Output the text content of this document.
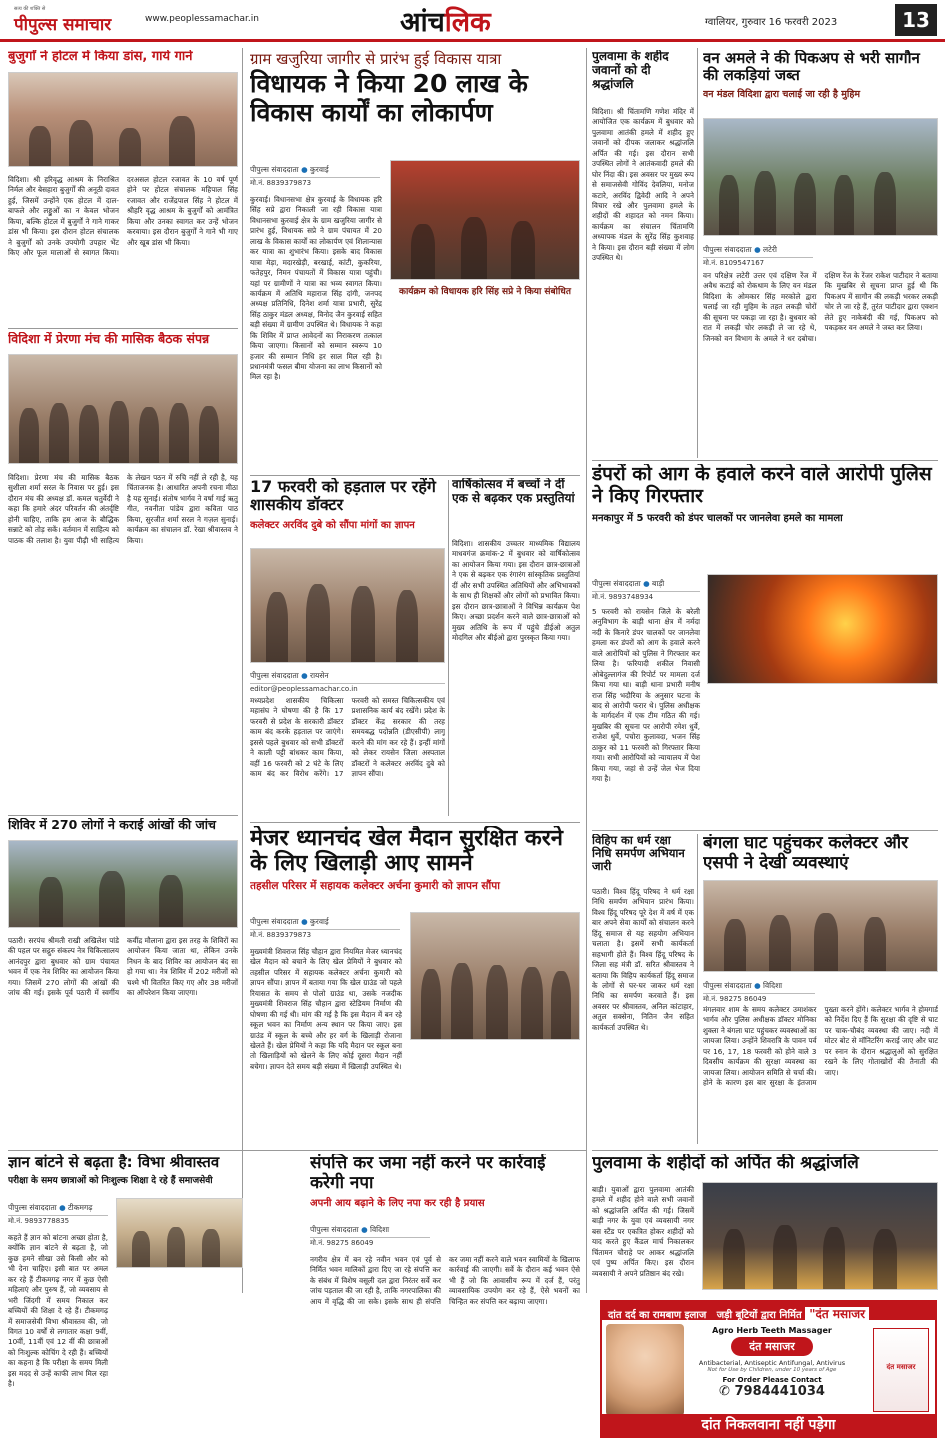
सत्य की शक्ति से
पीपुल्स समाचार	www.peoplessamachar.in	आंचलिक	ग्वालियर, गुरुवार 16 फरवरी 2023	13
बुजुर्गों ने होटल में किया डांस, गाये गाने
विदिशा। श्री हरिवृद्ध आश्रम के निराश्रित निर्मल और बेसहारा बुजुर्गों की अनूठी दावत हुई, जिसमें उन्होंने एक होटल में दाल-बाफले और लड्डुओं का न केवल भोजन किया, बल्कि होटल में बुजुर्गों ने गाने गाकर डांस भी किया। इस दौरान होटल संचालक ने बुजुर्गों को उनके उपयोगी उपहार भेंट किए और फूल मालाओं से स्वागत किया। दरअसल होटल रजावत के 10 वर्ष पूर्ण होने पर होटल संचालक महिपाल सिंह रजावत और राजेंद्रपाल सिंह ने होटल में श्रीहरि वृद्ध आश्रम के बुजुर्गों को आमंत्रित किया और उनका स्वागत कर उन्हें भोजन करवाया। इस दौरान बुजुर्गों ने गाने भी गाए और खूब डांस भी किया।
विदिशा में प्रेरणा मंच की मासिक बैठक संपन्न
विदिशा। प्रेरणा मंच की मासिक बैठक सुशीला शर्मा सरल के निवास पर हुई। इस दौरान मंच की अध्यक्ष डॉ. कमल चतुर्वेदी ने कहा कि हमारे अंदर परिवर्तन की अंतर्दृष्टि होनी चाहिए, ताकि हम आज के बौद्धिक सन्नाटे को तोड़ सकें। वर्तमान में साहित्य को पाठक की तलाश है। युवा पीढ़ी भी साहित्य के लेखन पठन में रुचि नहीं ले रही है, यह चिंताजनक है। आधारित अपनी रचना मीठा है यह सुनाई। संतोष भार्गव ने वर्षा गाई ऋतु गीत, नवनीता पांडेय द्वारा कविता पाठ किया, सुरजीत शर्मा सरल ने गज़ल सुनाई। कार्यक्रम का संचालन डॉ. रेखा श्रीवास्तव ने किया।
शिविर में 270 लोगों ने कराई आंखों की जांच
पठारी। सरपंच श्रीमती राखी अखिलेश पांडे की पहल पर सद्गुरु संकल्प नेत्र चिकित्सालय आनंदपुर द्वारा बुधवार को ग्राम पंचायत भवन में एक नेत्र शिविर का आयोजन किया गया। जिसमें 270 लोगों की आंखों की जांच की गई। इसके पूर्व पठारी में स्वर्गीय कवींद्र मौलाना द्वारा इस तरह के शिविरों का आयोजन किया जाता था, लेकिन उनके निधन के बाद शिविर का आयोजन बंद सा हो गया था। नेत्र शिविर में 202 मरीजों को चश्मे भी वितरित किए गए और 38 मरीजों का ऑपरेशन किया जाएगा।
ग्राम खजुरिया जागीर से प्रारंभ हुई विकास यात्रा
विधायक ने किया 20 लाख के विकास कार्यों का लोकार्पण
पीपुल्स संवाददाता ● कुरवाई
मो.नं. 8839379873
कार्यक्रम को विधायक हरि सिंह सप्रे ने किया संबोधित
कुरवाई। विधानसभा क्षेत्र कुरवाई के विधायक हरि सिंह सप्रे द्वारा निकाली जा रही विकास यात्रा विधानसभा कुरवाई क्षेत्र के ग्राम खजुरिया जागीर से प्रारंभ हुई, विधायक सप्रे ने ग्राम पंचायत में 20 लाख के विकास कार्यों का लोकार्पण एवं शिलान्यास कर यात्रा का शुभारंभ किया। इसके बाद विकास यात्रा मेड़ा, मदारखेड़ी, बरखाई, कांटी, कुकरिया, फतेहपुर, निमन पंचायतों में विकास यात्रा पहुंची। यहां पर ग्रामीणों ने यात्रा का भव्य स्वागत किया। कार्यक्रम में अतिथि महाराज सिंह दांगी, जनपद अध्यक्ष प्रतिनिधि, दिनेश शर्मा यात्रा प्रभारी, सुरेंद्र सिंह ठाकुर मंडल अध्यक्ष, विनोद जैन कुरवाई सहित बड़ी संख्या में ग्रामीण उपस्थित थे। विधायक ने कहा कि शिविर में प्राप्त आवेदनों का निराकरण तत्काल किया जाएगा। किसानों को सम्मान स्वरूप 10 हजार की सम्मान निधि हर साल मिल रही है। प्रधानमंत्री फसल बीमा योजना का लाभ किसानों को मिल रहा है।
17 फरवरी को हड़ताल पर रहेंगे शासकीय डॉक्टर
कलेक्टर अरविंद दुबे को सौंपा मांगों का ज्ञापन
पीपुल्स संवाददाता ● रायसेन
editor@peoplessamachar.co.in
मध्यप्रदेश शासकीय चिकित्सा महासंघ ने घोषणा की है कि 17 फरवरी से प्रदेश के सरकारी डॉक्टर काम बंद करके हड़ताल पर जाएंगे। इससे पहले बुधवार को सभी डॉक्टरों ने काली पट्टी बांधकर काम किया, वहीं 16 फरवरी को 2 घंटे के लिए काम बंद कर विरोध करेंगे। 17 फरवरी को समस्त चिकित्सकीय एवं प्रशासनिक कार्य बंद रखेंगे। प्रदेश के डॉक्टर केंद्र सरकार की तरह समयबद्ध पदोन्नति (डीएसीपी) लागू करने की मांग कर रहे हैं। इन्हीं मांगों को लेकर रायसेन जिला अस्पताल डॉक्टरों ने कलेक्टर अरविंद दुबे को ज्ञापन सौंपा।
वार्षिकोत्सव में बच्चों ने दीं एक से बढ़कर एक प्रस्तुतियां
विदिशा। शासकीय उच्चतर माध्यमिक विद्यालय माधवगंज क्रमांक-2 में बुधवार को वार्षिकोत्सव का आयोजन किया गया। इस दौरान छात्र-छात्राओं ने एक से बढ़कर एक रंगारंग सांस्कृतिक प्रस्तुतियां दीं और सभी उपस्थित अतिथियों और अभिभावकों के साथ ही शिक्षकों और लोगों को प्रभावित किया। इस दौरान छात्र-छात्राओं ने विभिन्न कार्यक्रम पेश किए। अच्छा प्रदर्शन करने वाले छात्र-छात्राओं को मुख्य अतिथि के रूप में पहुंचे डीईओ अतुल मोदगिल और बीईओ द्वारा पुरस्कृत किया गया।
मेजर ध्यानचंद खेल मैदान सुरक्षित करने के लिए खिलाड़ी आए सामने
तहसील परिसर में सहायक कलेक्टर अर्चना कुमारी को ज्ञापन सौंपा
पीपुल्स संवाददाता ● कुरवाई
मो.नं. 8839379873
मुख्यमंत्री शिवराज सिंह चौहान द्वारा नियमित मेजर ध्यानचंद खेल मैदान को बचाने के लिए खेल प्रेमियों ने बुधवार को तहसील परिसर में सहायक कलेक्टर अर्चना कुमारी को ज्ञापन सौंपा। ज्ञापन में बताया गया कि खेल ग्राउंड जो पहले रियासत के समय से पोलो ग्राउंड था, उसके नजदीक मुख्यमंत्री शिवराज सिंह चौहान द्वारा स्टेडियम निर्माण की घोषणा की गई थी। मांग की गई है कि इस मैदान में बन रहे स्कूल भवन का निर्माण अन्य स्थान पर किया जाए। इस ग्राउंड में स्कूल के बच्चे और हर वर्ग के खिलाड़ी रोजाना खेलते हैं। खेल प्रेमियों ने कहा कि यदि मैदान पर स्कूल बना तो खिलाड़ियों को खेलने के लिए कोई दूसरा मैदान नहीं बचेगा। ज्ञापन देते समय बड़ी संख्या में खिलाड़ी उपस्थित थे।
ज्ञान बांटने से बढ़ता है: विभा श्रीवास्तव
परीक्षा के समय छात्राओं को निःशुल्क शिक्षा दे रहे हैं समाजसेवी
पीपुल्स संवाददाता ● टीकमगढ़
मो.नं. 9893778835
कहते हैं ज्ञान को बांटना अच्छा होता है, क्योंकि ज्ञान बांटने से बढ़ता है, जो कुछ हमने सीखा उसे किसी और को भी देना चाहिए। इसी बात पर अमल कर रहे हैं टीकमगढ़ नगर में कुछ ऐसी महिलाएं और पुरुष हैं, जो व्यवसाय से भरी जिंदगी में समय निकाल कर बच्चियों की शिक्षा दे रहे हैं। टीकमगढ़ में समाजसेवी विभा श्रीवास्तव की, जो विगत 10 वर्षों से लगातार कक्षा 9वीं, 10वीं, 11वीं एवं 12 वीं की छात्राओं को निःशुल्क कोचिंग दे रही हैं। बच्चियों का कहना है कि परीक्षा के समय मिली इस मदद से उन्हें काफी लाभ मिल रहा है।
संपत्ति कर जमा नहीं करने पर कार्रवाई करेगी नपा
अपनी आय बढ़ाने के लिए नपा कर रही है प्रयास
पीपुल्स संवाददाता ● विदिशा
मो.नं. 98275 86049
नगरीय क्षेत्र में बन रहे नवीन भवन एवं पूर्व से निर्मित भवन मालिकों द्वारा दिए जा रहे संपत्ति कर के संबंध में विशेष वसूली दल द्वारा निरंतर सर्वे कर जांच पड़ताल की जा रही है, ताकि नगरपालिका की आय में वृद्धि की जा सके। इसके साथ ही संपत्ति कर जमा नहीं करने वाले भवन स्वामियों के खिलाफ कार्रवाई की जाएगी। सर्वे के दौरान कई भवन ऐसे भी हैं जो कि आवासीय रूप में दर्ज हैं, परंतु व्यावसायिक उपयोग कर रहे हैं, ऐसे भवनों का चिन्हित कर संपत्ति कर बढ़ाया जाएगा।
पुलवामा के शहीद जवानों को दी श्रद्धांजलि
विदिशा। श्री चिंतामणि गणेश मंदिर में आयोजित एक कार्यक्रम में बुधवार को पुलवामा आतंकी हमले में शहीद हुए जवानों को दीपक जलाकर श्रद्धांजलि अर्पित की गई। इस दौरान सभी उपस्थित लोगों ने आतंकवादी हमले की घोर निंदा की। इस अवसर पर मुख्य रूप से समाजसेवी गोविंद देवलिया, मनोज कटारे, अरविंद द्विवेदी आदि ने अपने विचार रखे और पुलवामा हमले के शहीदों की शहादत को नमन किया। कार्यक्रम का संचालन चिंतामणि अध्यापक मंडल के सुरेंद्र सिंह कुशवाह ने किया। इस दौरान बड़ी संख्या में लोग उपस्थित थे।
वन अमले ने की पिकअप से भरी सागौन की लकड़ियां जब्त
वन मंडल विदिशा द्वारा चलाई जा रही है मुहिम
पीपुल्स संवाददाता ● लटेरी
मो.नं. 8109547167
वन परिक्षेत्र लटेरी उत्तर एवं दक्षिण रेंज में अवैध कटाई को रोकथाम के लिए वन मंडल विदिशा के ओमकार सिंह मरकोले द्वारा चलाई जा रही मुहिम के तहत लकड़ी चोरों की सूचना पर पकड़ा जा रहा है। बुधवार को रात में लकड़ी चोर लकड़ी ले जा रहे थे, जिनको वन विभाग के अमले ने धर दबोचा। दक्षिण रेंज के रेंजर राकेश पाटीदार ने बताया कि मुखबिर से सूचना प्राप्त हुई थी कि पिकअप में सागौन की लकड़ी भरकर लकड़ी चोर ले जा रहे हैं, तुरंत पाटीदार द्वारा एक्शन लेते हुए नाकेबंदी की गई, पिकअप को पकड़कर वन अमले ने जब्त कर लिया।
डंपरों को आग के हवाले करने वाले आरोपी पुलिस ने किए गिरफ्तार
मनकापुर में 5 फरवरी को डंपर चालकों पर जानलेवा हमले का मामला
पीपुल्स संवाददाता ● बाड़ी
मो.नं. 9893748934
5 फरवरी को रायसेन जिले के बरेली अनुविभाग के बाड़ी थाना क्षेत्र में नर्मदा नदी के किनारे डंपर चालकों पर जानलेवा हमला कर डंपरों को आग के हवाले करने वाले आरोपियों को पुलिस ने गिरफ्तार कर लिया है। फरियादी शकील निवासी ओबेदुल्लागंज की रिपोर्ट पर मामला दर्ज किया गया था। बाड़ी थाना प्रभारी मनीष राज सिंह भदौरिया के अनुसार घटना के बाद से आरोपी फरार थे। पुलिस अधीक्षक के मार्गदर्शन में एक टीम गठित की गई। मुखबिर की सूचना पर आरोपी रमेश धुर्वे, राजेश धुर्वे, पचोरा कुलावदा, भजन सिंह ठाकुर को 11 फरवरी को गिरफ्तार किया गया। सभी आरोपियों को न्यायालय में पेश किया गया, जहां से उन्हें जेल भेज दिया गया है।
विहिप का धर्म रक्षा निधि समर्पण अभियान जारी
पठारी। विश्व हिंदू परिषद ने धर्म रक्षा निधि समर्पण अभियान प्रारंभ किया। विश्व हिंदू परिषद पूरे देश में वर्ष में एक बार अपने सेवा कार्यों को संचालन करने हिंदू समाज से यह सहयोग अभियान चलाता है। इसमें सभी कार्यकर्ता सहभागी होते हैं। विश्व हिंदू परिषद के जिला सह मंत्री डॉ. सरित श्रीवास्तव ने बताया कि विहिप कार्यकर्ता हिंदू समाज के लोगों से घर-घर जाकर धर्म रक्षा निधि का समर्पण करवाते हैं। इस अवसर पर श्रीवास्तव, अनिल कांटाहार, अतुल सक्सेना, नितिन जैन सहित कार्यकर्ता उपस्थित थे।
बंगला घाट पहुंचकर कलेक्टर और एसपी ने देखी व्यवस्थाएं
पीपुल्स संवाददाता ● विदिशा
मो.नं. 98275 86049
मंगलवार शाम के समय कलेक्टर उमाशंकर भार्गव और पुलिस अधीक्षक डॉक्टर मोनिका शुक्ला ने बंगला घाट पहुंचकर व्यवस्थाओं का जायजा लिया। उन्होंने शिवरात्रि के पावन पर्व पर 16, 17, 18 फरवरी को होने वाले 3 दिवसीय कार्यक्रम की सुरक्षा व्यवस्था का जायजा लिया। आयोजन समिति से चर्चा की। होने के कारण इस बार सुरक्षा के इंतजाम पुख्ता करने होंगे। कलेक्टर भार्गव ने होमगार्ड को निर्देश दिए हैं कि सुरक्षा की दृष्टि से घाट पर चाक-चौबंद व्यवस्था की जाए। नदी में मोटर बोट से मॉनिटरिंग कराई जाए और घाट पर स्नान के दौरान श्रद्धालुओं को सुरक्षित रखने के लिए गोताखोरों की तैनाती की जाए।
पुलवामा के शहीदों को अर्पित की श्रद्धांजलि
बाड़ी। युवाओं द्वारा पुलवामा आतंकी हमले में शहीद होने वाले सभी जवानों को श्रद्धांजलि अर्पित की गई। जिसमें बाड़ी नगर के युवा एवं व्यवसायी नगर बस स्टैंड पर एकत्रित होकर शहीदों को याद करते हुए कैंडल मार्च निकालकर चिंतामन चौराहे पर आकर श्रद्धांजलि एवं पुष्प अर्पित किए। इस दौरान व्यवसायी ने अपने प्रतिष्ठान बंद रखे।
दांत दर्द का रामबाण इलाज जड़ी बूटियों द्वारा निर्मित "दंत मसाजर
Agro Herb Teeth Massager
दंत मसाजर
Antibacterial, Antiseptic Antifungal, Antivirus
Not for Use by Children, under 10 years of Age
For Order Please Contact
✆ 7984441034
दंत मसाजर
दांत निकलवाना नहीं पड़ेगा
